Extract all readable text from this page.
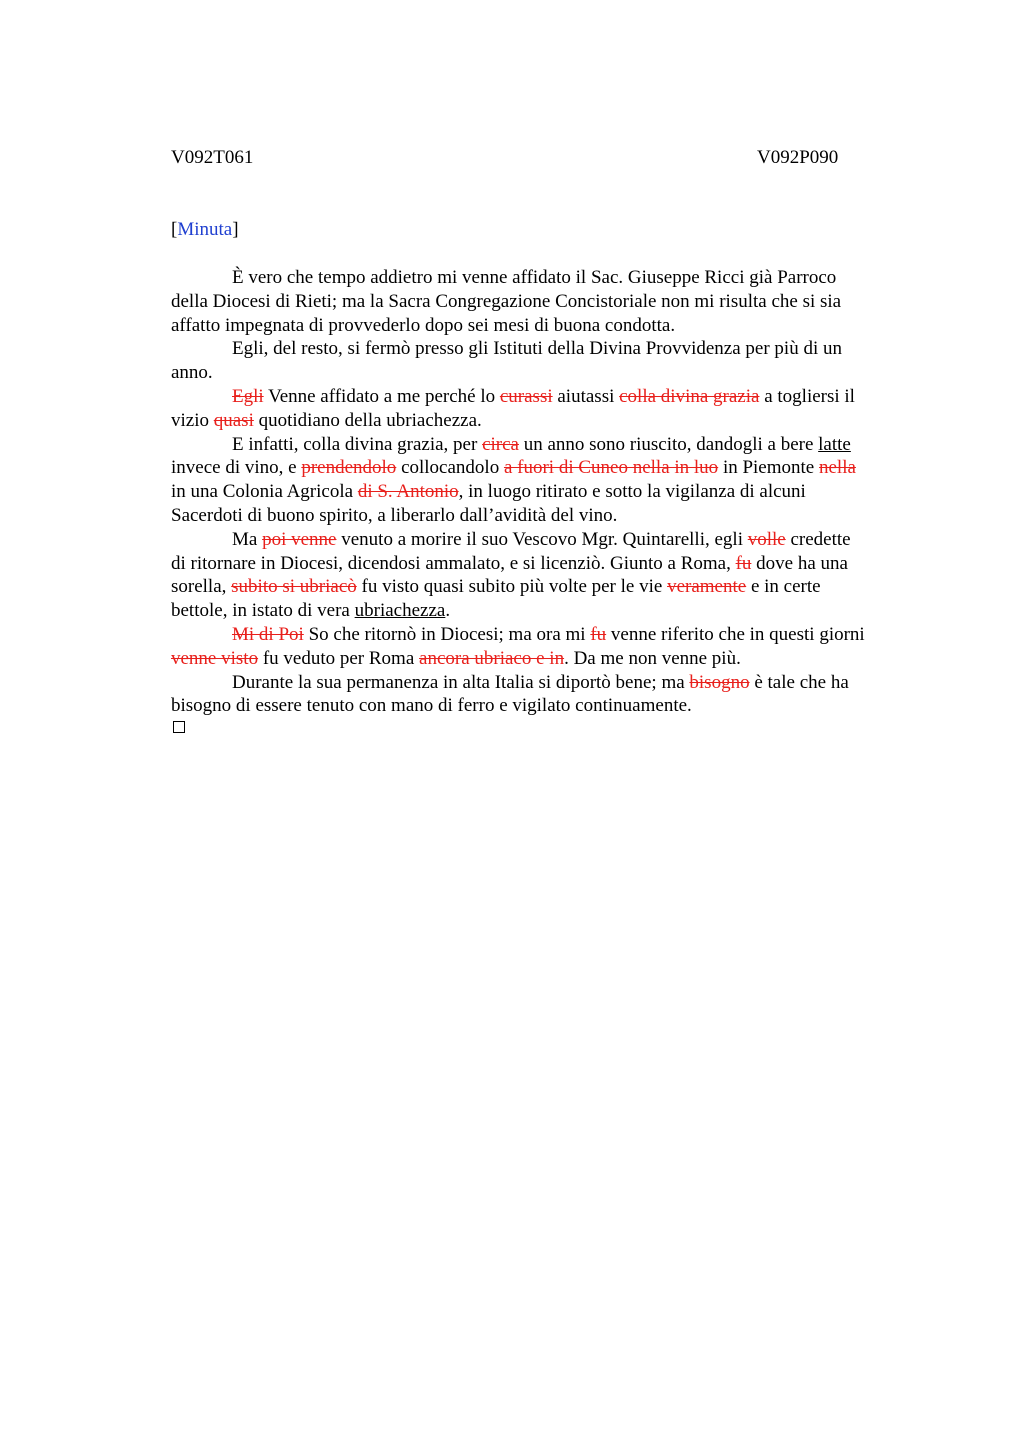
V092T061	V092P090
[Minuta]

È vero che tempo addietro mi venne affidato il Sac. Giuseppe Ricci già Parroco

della Diocesi di Rieti; ma la Sacra Congregazione Concistoriale non mi risulta che si sia
affatto impegnata di provvederlo dopo sei mesi di buona condotta.

Egli, del resto, si fermò presso gli Istituti della Divina Provvidenza per più di un

anno.

Egli Venne affidato a me perché lo curassi aiutassi colla divina grazia a togliersi il

vizio quasi quotidiano della ubriachezza.

E infatti, colla divina grazia, per circa un anno sono riuscito, dandogli a bere latte

invece di vino, e prendendolo collocandolo a fuori di Cuneo nella in luo in Piemonte nella
in una Colonia Agricola di S. Antonio, in luogo ritirato e sotto la vigilanza di alcuni
Sacerdoti di buono spirito, a liberarlo dall’avidità del vino.

Ma poi venne venuto a morire il suo Vescovo Mgr. Quintarelli, egli volle credette

di ritornare in Diocesi, dicendosi ammalato, e si licenziò. Giunto a Roma, fu dove ha una
sorella, subito si ubriacò fu visto quasi subito più volte per le vie veramente e in certe
bettole, in istato di vera ubriachezza.

Mi di Poi So che ritornò in Diocesi; ma ora mi fu venne riferito che in questi giorni

venne visto fu veduto per Roma ancora ubriaco e in. Da me non venne più.

Durante la sua permanenza in alta Italia si diportò bene; ma bisogno è tale che ha

bisogno di essere tenuto con mano di ferro e vigilato continuamente.
